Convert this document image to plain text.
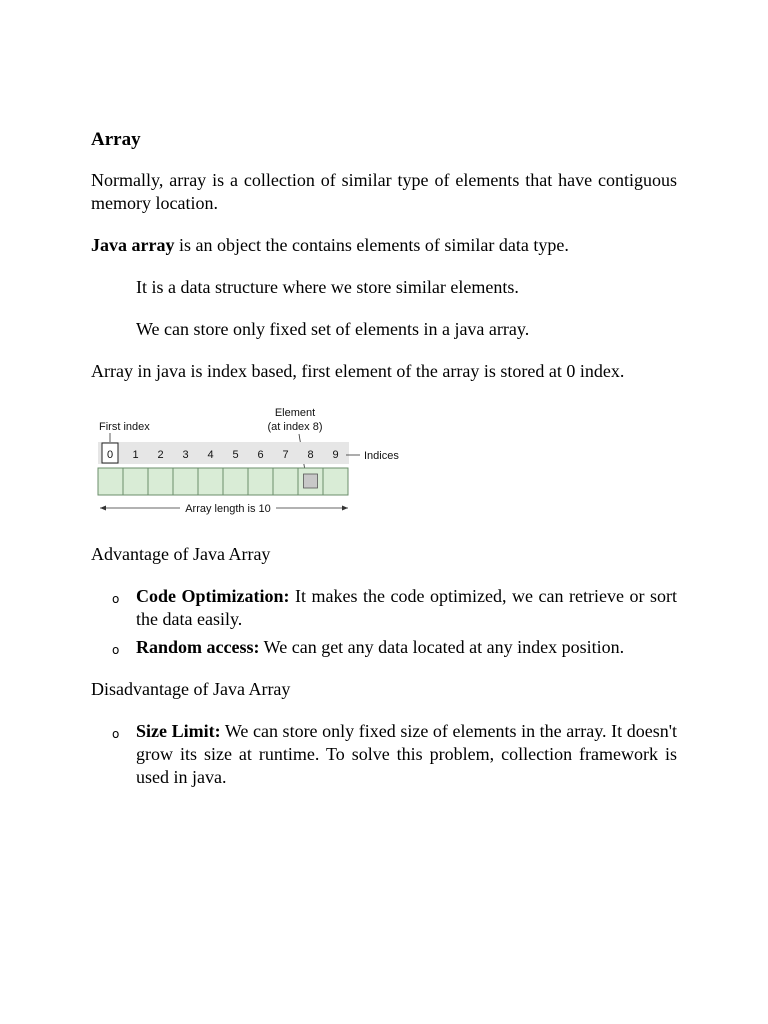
Array

Normally, array is a collection of similar type of elements that have contiguous memory location.

Java array is an object the contains elements of similar data type.

It is a data structure where we store similar elements.

We can store only fixed set of elements in a java array.

Array in java is index based, first element of the array is stored at 0 index.

First index
Element
(at index 8)
1 2 3 4 5 6 7 8 9
0	Indices
Array length is 10

Advantage of Java Array

o Code Optimization: It makes the code optimized, we can retrieve or sort the data easily.

o Random access: We can get any data located at any index position.

Disadvantage of Java Array

o Size Limit: We can store only fixed size of elements in the array. It doesn't grow its size at runtime. To solve this problem, collection framework is used in java.
